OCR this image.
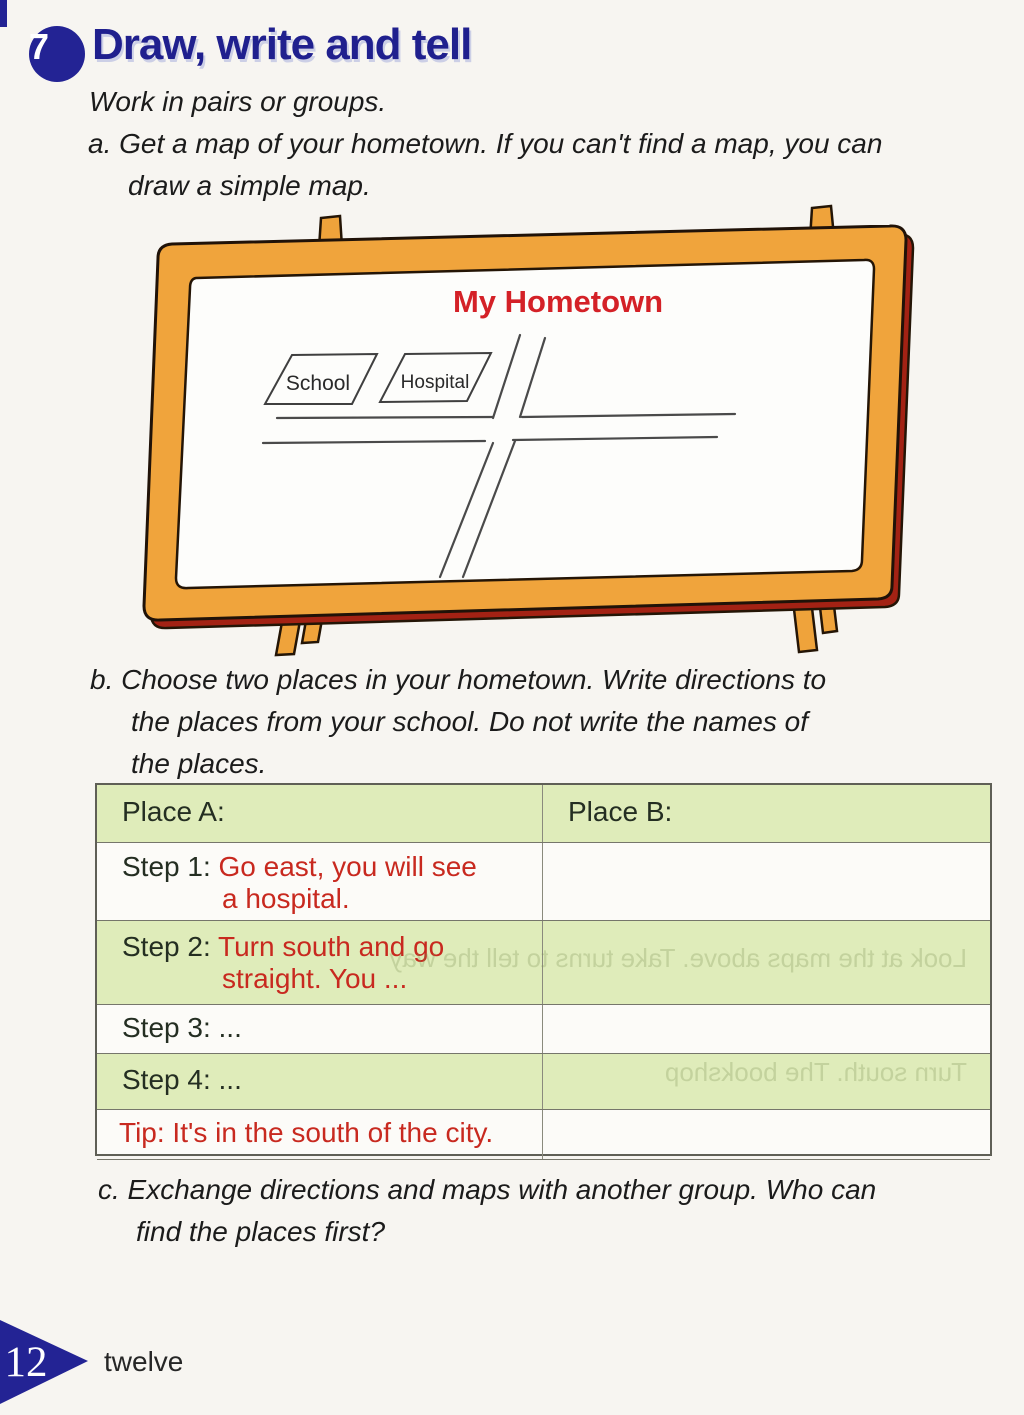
7 Draw, write and tell
Work in pairs or groups.
a. Get a map of your hometown. If you can't find a map, you can
draw a simple map.
My Hometown
School	Hospital
b. Choose two places in your hometown. Write directions to
the places from your school. Do not write the names of
the places.
Place A:	Place B:
Step 1: Go east, you will see
a hospital.
Step 2: Turn south and go
straight. You ...
Step 3: ...
Step 4: ...
Tip: It's in the south of the city.
Look at the maps above. Take turns to tell the way
Turn south. The bookshop
c. Exchange directions and maps with another group. Who can
find the places first?
12 twelve
